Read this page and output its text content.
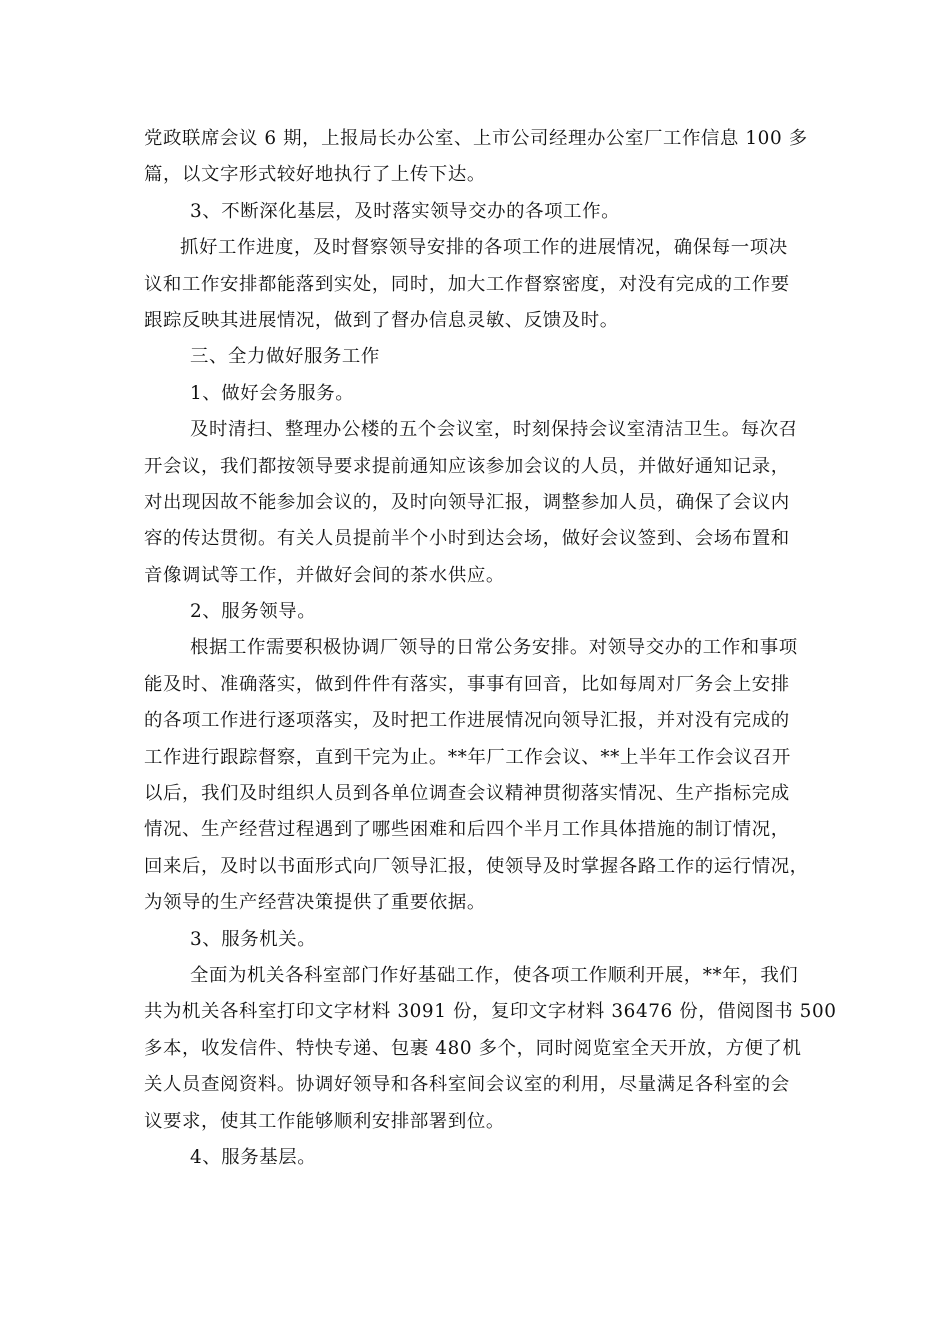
党政联席会议 6 期，上报局长办公室、上市公司经理办公室厂工作信息 100 多
篇，以文字形式较好地执行了上传下达。
3、不断深化基层，及时落实领导交办的各项工作。
抓好工作进度，及时督察领导安排的各项工作的进展情况，确保每一项决
议和工作安排都能落到实处，同时，加大工作督察密度，对没有完成的工作要
跟踪反映其进展情况，做到了督办信息灵敏、反馈及时。
三、全力做好服务工作
1、做好会务服务。
及时清扫、整理办公楼的五个会议室，时刻保持会议室清洁卫生。每次召
开会议，我们都按领导要求提前通知应该参加会议的人员，并做好通知记录，
对出现因故不能参加会议的，及时向领导汇报，调整参加人员，确保了会议内
容的传达贯彻。有关人员提前半个小时到达会场，做好会议签到、会场布置和
音像调试等工作，并做好会间的茶水供应。
2、服务领导。
根据工作需要积极协调厂领导的日常公务安排。对领导交办的工作和事项
能及时、准确落实，做到件件有落实，事事有回音，比如每周对厂务会上安排
的各项工作进行逐项落实，及时把工作进展情况向领导汇报，并对没有完成的
工作进行跟踪督察，直到干完为止。**年厂工作会议、**上半年工作会议召开
以后，我们及时组织人员到各单位调查会议精神贯彻落实情况、生产指标完成
情况、生产经营过程遇到了哪些困难和后四个半月工作具体措施的制订情况，
回来后，及时以书面形式向厂领导汇报，使领导及时掌握各路工作的运行情况，
为领导的生产经营决策提供了重要依据。
3、服务机关。
全面为机关各科室部门作好基础工作，使各项工作顺利开展，**年，我们
共为机关各科室打印文字材料 3091 份，复印文字材料 36476 份，借阅图书 500
多本，收发信件、特快专递、包裹 480 多个，同时阅览室全天开放，方便了机
关人员查阅资料。协调好领导和各科室间会议室的利用，尽量满足各科室的会
议要求，使其工作能够顺利安排部署到位。
4、服务基层。
